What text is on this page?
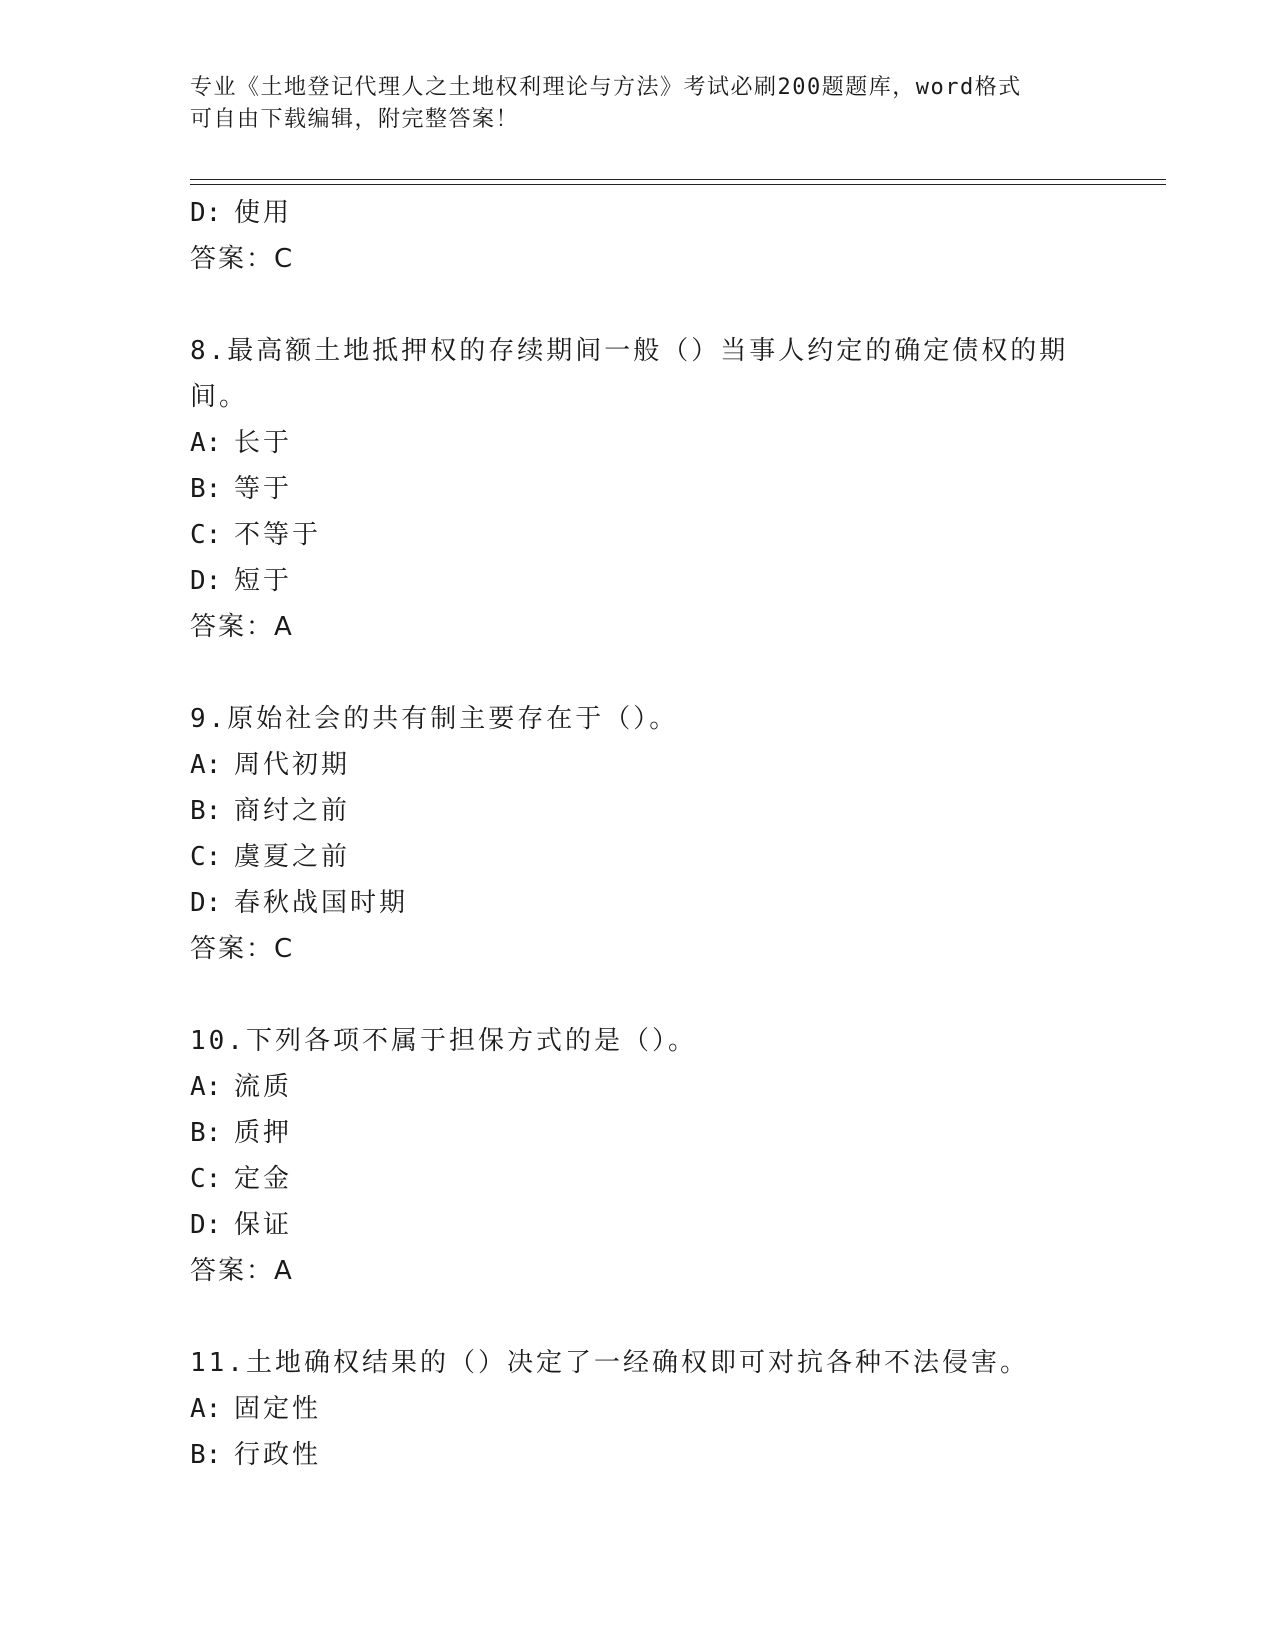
专业《土地登记代理人之土地权利理论与方法》考试必刷200题题库，word格式
可自由下载编辑，附完整答案！
D: 使用
答案：C
8.最高额土地抵押权的存续期间一般（）当事人约定的确定债权的期
间。
A: 长于
B: 等于
C: 不等于
D: 短于
答案：A
9.原始社会的共有制主要存在于（）。
A: 周代初期
B: 商纣之前
C: 虞夏之前
D: 春秋战国时期
答案：C
10.下列各项不属于担保方式的是（）。
A: 流质
B: 质押
C: 定金
D: 保证
答案：A
11.土地确权结果的（）决定了一经确权即可对抗各种不法侵害。
A: 固定性
B: 行政性
